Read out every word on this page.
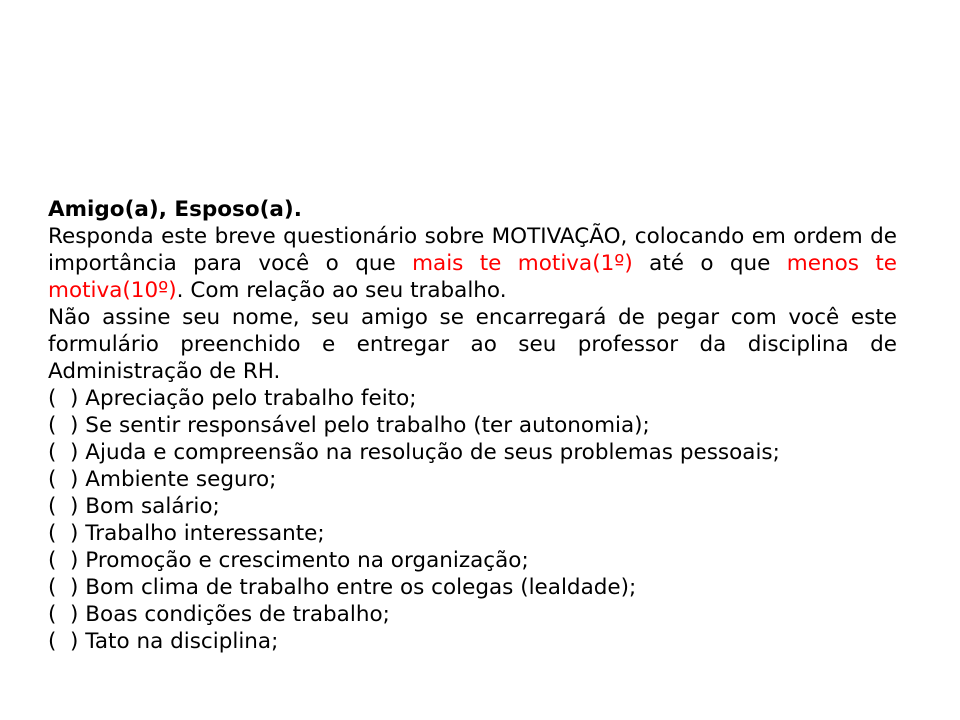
Amigo(a), Esposo(a).

Responda este breve questionário sobre MOTIVAÇÃO, colocando em ordem de importância para você o que mais te motiva(1º) até o que menos te motiva(10º). Com relação ao seu trabalho.

Não assine seu nome, seu amigo se encarregará de pegar com você este formulário preenchido e entregar ao seu professor da disciplina de Administração de RH.

(  ) Apreciação pelo trabalho feito;
(  ) Se sentir responsável pelo trabalho (ter autonomia);
(  ) Ajuda e compreensão na resolução de seus problemas pessoais;
(  ) Ambiente seguro;
(  ) Bom salário;
(  ) Trabalho interessante;
(  ) Promoção e crescimento na organização;
(  ) Bom clima de trabalho entre os colegas (lealdade);
(  ) Boas condições de trabalho;
(  ) Tato na disciplina;
